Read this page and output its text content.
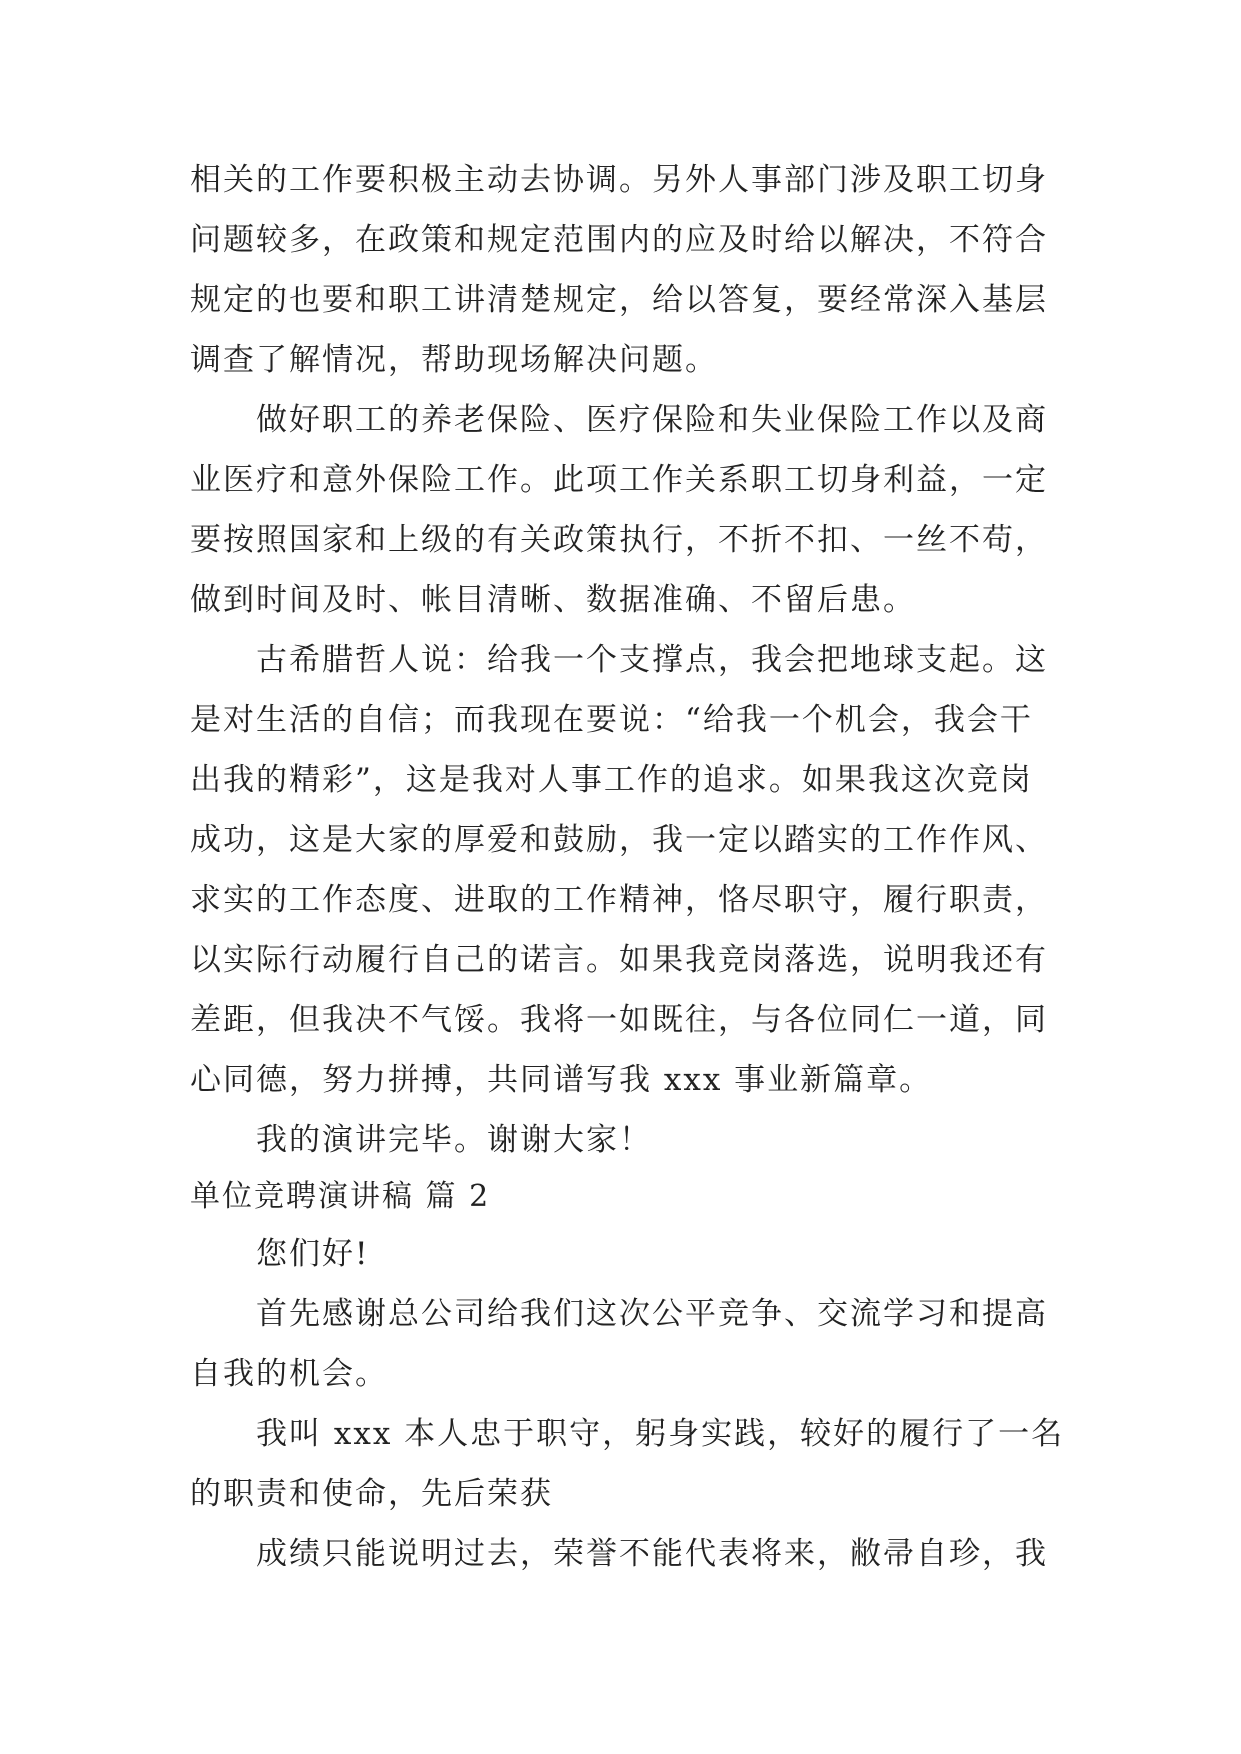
相关的工作要积极主动去协调。另外人事部门涉及职工切身
问题较多，在政策和规定范围内的应及时给以解决，不符合
规定的也要和职工讲清楚规定，给以答复，要经常深入基层
调查了解情况，帮助现场解决问题。
做好职工的养老保险、医疗保险和失业保险工作以及商
业医疗和意外保险工作。此项工作关系职工切身利益，一定
要按照国家和上级的有关政策执行，不折不扣、一丝不苟，
做到时间及时、帐目清晰、数据准确、不留后患。
古希腊哲人说：给我一个支撑点，我会把地球支起。这
是对生活的自信；而我现在要说：“给我一个机会，我会干
出我的精彩”，这是我对人事工作的追求。如果我这次竞岗
成功，这是大家的厚爱和鼓励，我一定以踏实的工作作风、
求实的工作态度、进取的工作精神，恪尽职守，履行职责，
以实际行动履行自己的诺言。如果我竞岗落选，说明我还有
差距，但我决不气馁。我将一如既往，与各位同仁一道，同
心同德，努力拼搏，共同谱写我 xxx 事业新篇章。
我的演讲完毕。谢谢大家！
单位竞聘演讲稿 篇 2
您们好!
首先感谢总公司给我们这次公平竞争、交流学习和提高
自我的机会。
我叫 xxx 本人忠于职守，躬身实践，较好的履行了一名
的职责和使命，先后荣获
成绩只能说明过去，荣誉不能代表将来，敝帚自珍，我
